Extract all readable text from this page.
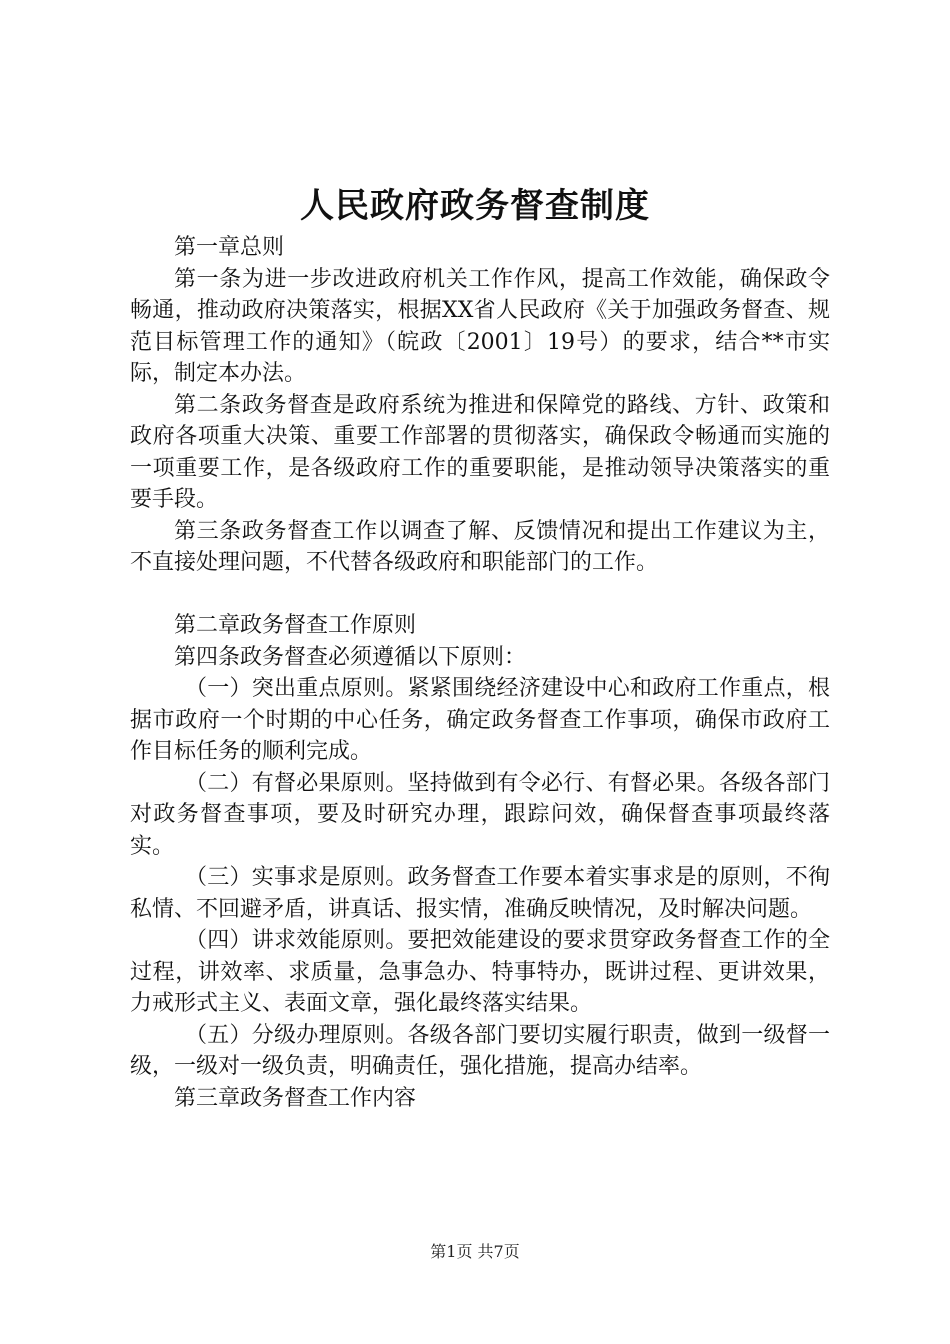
人民政府政务督查制度

第一章总则

第一条为进一步改进政府机关工作作风，提高工作效能，确保政令畅通，推动政府决策落实，根据XX省人民政府《关于加强政务督查、规范目标管理工作的通知》（皖政〔2001〕19号）的要求，结合**市实际，制定本办法。

第二条政务督查是政府系统为推进和保障党的路线、方针、政策和政府各项重大决策、重要工作部署的贯彻落实，确保政令畅通而实施的一项重要工作，是各级政府工作的重要职能，是推动领导决策落实的重要手段。

第三条政务督查工作以调查了解、反馈情况和提出工作建议为主，不直接处理问题，不代替各级政府和职能部门的工作。

第二章政务督查工作原则

第四条政务督查必须遵循以下原则：

（一）突出重点原则。紧紧围绕经济建设中心和政府工作重点，根据市政府一个时期的中心任务，确定政务督查工作事项，确保市政府工作目标任务的顺利完成。

（二）有督必果原则。坚持做到有令必行、有督必果。各级各部门对政务督查事项，要及时研究办理，跟踪问效，确保督查事项最终落实。

（三）实事求是原则。政务督查工作要本着实事求是的原则，不徇私情、不回避矛盾，讲真话、报实情，准确反映情况，及时解决问题。

（四）讲求效能原则。要把效能建设的要求贯穿政务督查工作的全过程，讲效率、求质量，急事急办、特事特办，既讲过程、更讲效果，力戒形式主义、表面文章，强化最终落实结果。

（五）分级办理原则。各级各部门要切实履行职责，做到一级督一级，一级对一级负责，明确责任，强化措施，提高办结率。

第三章政务督查工作内容

第1页 共7页
